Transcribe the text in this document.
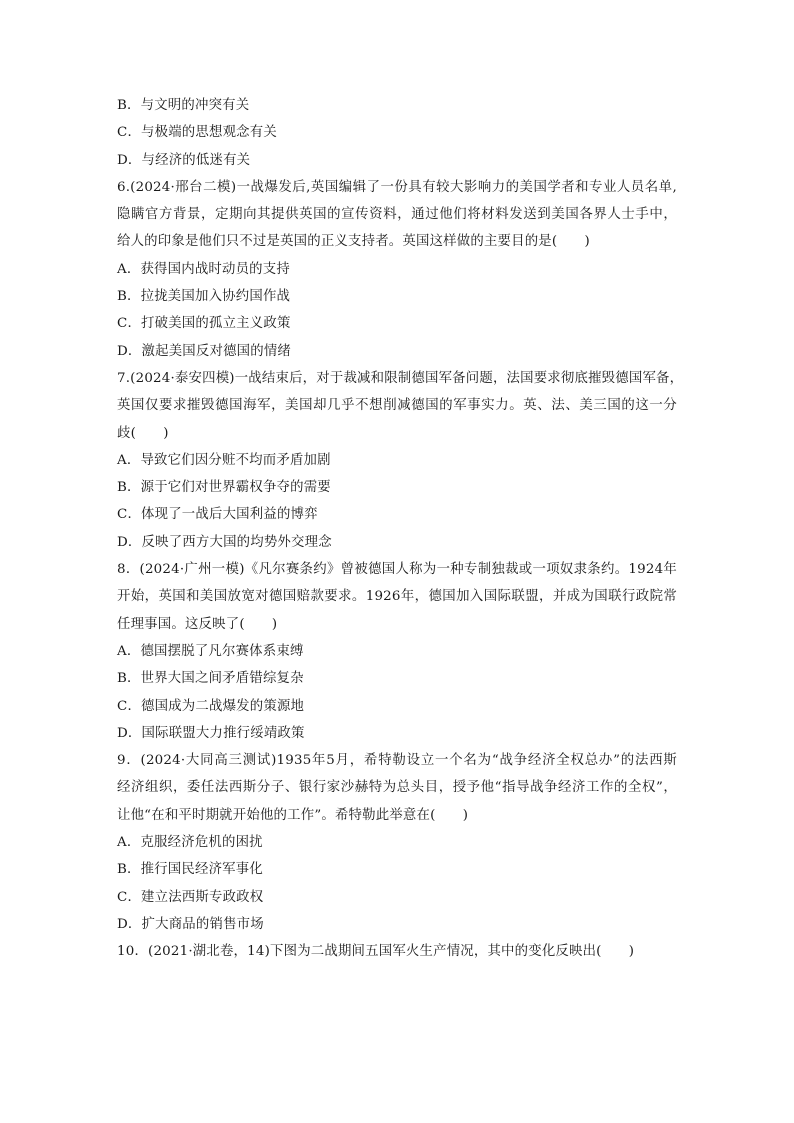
B．与文明的冲突有关
C．与极端的思想观念有关
D．与经济的低迷有关
6.(2024·邢台二模)一战爆发后,英国编辑了一份具有较大影响力的美国学者和专业人员名单,
隐瞒官方背景，定期向其提供英国的宣传资料，通过他们将材料发送到美国各界人士手中，
给人的印象是他们只不过是英国的正义支持者。英国这样做的主要目的是(　　)
A．获得国内战时动员的支持
B．拉拢美国加入协约国作战
C．打破美国的孤立主义政策
D．激起美国反对德国的情绪
7.(2024·泰安四模)一战结束后，对于裁减和限制德国军备问题，法国要求彻底摧毁德国军备，
英国仅要求摧毁德国海军，美国却几乎不想削减德国的军事实力。英、法、美三国的这一分
歧(　　)
A．导致它们因分赃不均而矛盾加剧
B．源于它们对世界霸权争夺的需要
C．体现了一战后大国利益的博弈
D．反映了西方大国的均势外交理念
8．(2024·广州一模)《凡尔赛条约》曾被德国人称为一种专制独裁或一项奴隶条约。1924年
开始，英国和美国放宽对德国赔款要求。1926年，德国加入国际联盟，并成为国联行政院常
任理事国。这反映了(　　)
A．德国摆脱了凡尔赛体系束缚
B．世界大国之间矛盾错综复杂
C．德国成为二战爆发的策源地
D．国际联盟大力推行绥靖政策
9．(2024·大同高三测试)1935年5月，希特勒设立一个名为“战争经济全权总办”的法西斯
经济组织，委任法西斯分子、银行家沙赫特为总头目，授予他“指导战争经济工作的全权”，
让他“在和平时期就开始他的工作”。希特勒此举意在(　　)
A．克服经济危机的困扰
B．推行国民经济军事化
C．建立法西斯专政政权
D．扩大商品的销售市场
10．(2021·湖北卷，14)下图为二战期间五国军火生产情况，其中的变化反映出(　　)
